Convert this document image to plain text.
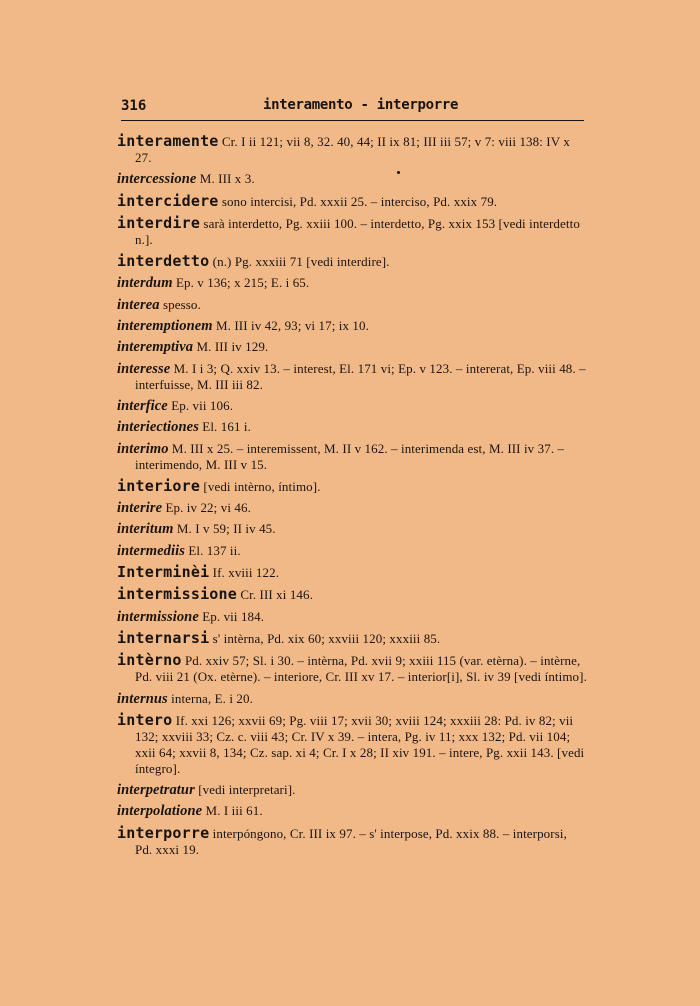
316	interamento - interporre
interamente Cr. I ii 121; vii 8, 32. 40, 44; II ix 81; III iii 57; v 7: viii 138: IV x 27.
intercessione M. III x 3.
intercidere sono intercisi, Pd. xxxii 25. – interciso, Pd. xxix 79.
interdire sarà interdetto, Pg. xxiii 100. – interdetto, Pg. xxix 153 [vedi interdetto n.].
interdetto (n.) Pg. xxxiii 71 [vedi interdire].
interdum Ep. v 136; x 215; E. i 65.
interea spesso.
interemptionem M. III iv 42, 93; vi 17; ix 10.
interemptiva M. III iv 129.
interesse M. I i 3; Q. xxiv 13. – interest, El. 171 vi; Ep. v 123. – intererat, Ep. viii 48. – interfuisse, M. III iii 82.
interfice Ep. vii 106.
interiectiones El. 161 i.
interimo M. III x 25. – interemissent, M. II v 162. – interimenda est, M. III iv 37. – interimendo, M. III v 15.
interiore [vedi intèrno, íntimo].
interire Ep. iv 22; vi 46.
interitum M. I v 59; II iv 45.
intermediis El. 137 ii.
Interminèi If. xviii 122.
intermissione Cr. III xi 146.
intermissione Ep. vii 184.
internarsi s' intèrna, Pd. xix 60; xxviii 120; xxxiii 85.
intèrno Pd. xxiv 57; Sl. i 30. – intèrna, Pd. xvii 9; xxiii 115 (var. etèrna). – intèrne, Pd. viii 21 (Ox. etèrne). – interiore, Cr. III xv 17. – interior[i], Sl. iv 39 [vedi íntimo].
internus interna, E. i 20.
intero If. xxi 126; xxvii 69; Pg. viii 17; xvii 30; xviii 124; xxxiii 28: Pd. iv 82; vii 132; xxviii 33; Cz. c. viii 43; Cr. IV x 39. – intera, Pg. iv 11; xxx 132; Pd. vii 104; xxii 64; xxvii 8, 134; Cz. sap. xi 4; Cr. I x 28; II xiv 191. – intere, Pg. xxii 143. [vedi íntegro].
interpetratur [vedi interpretari].
interpolatione M. I iii 61.
interporre interpóngono, Cr. III ix 97. – s' interpose, Pd. xxix 88. – interporsi, Pd. xxxi 19.
